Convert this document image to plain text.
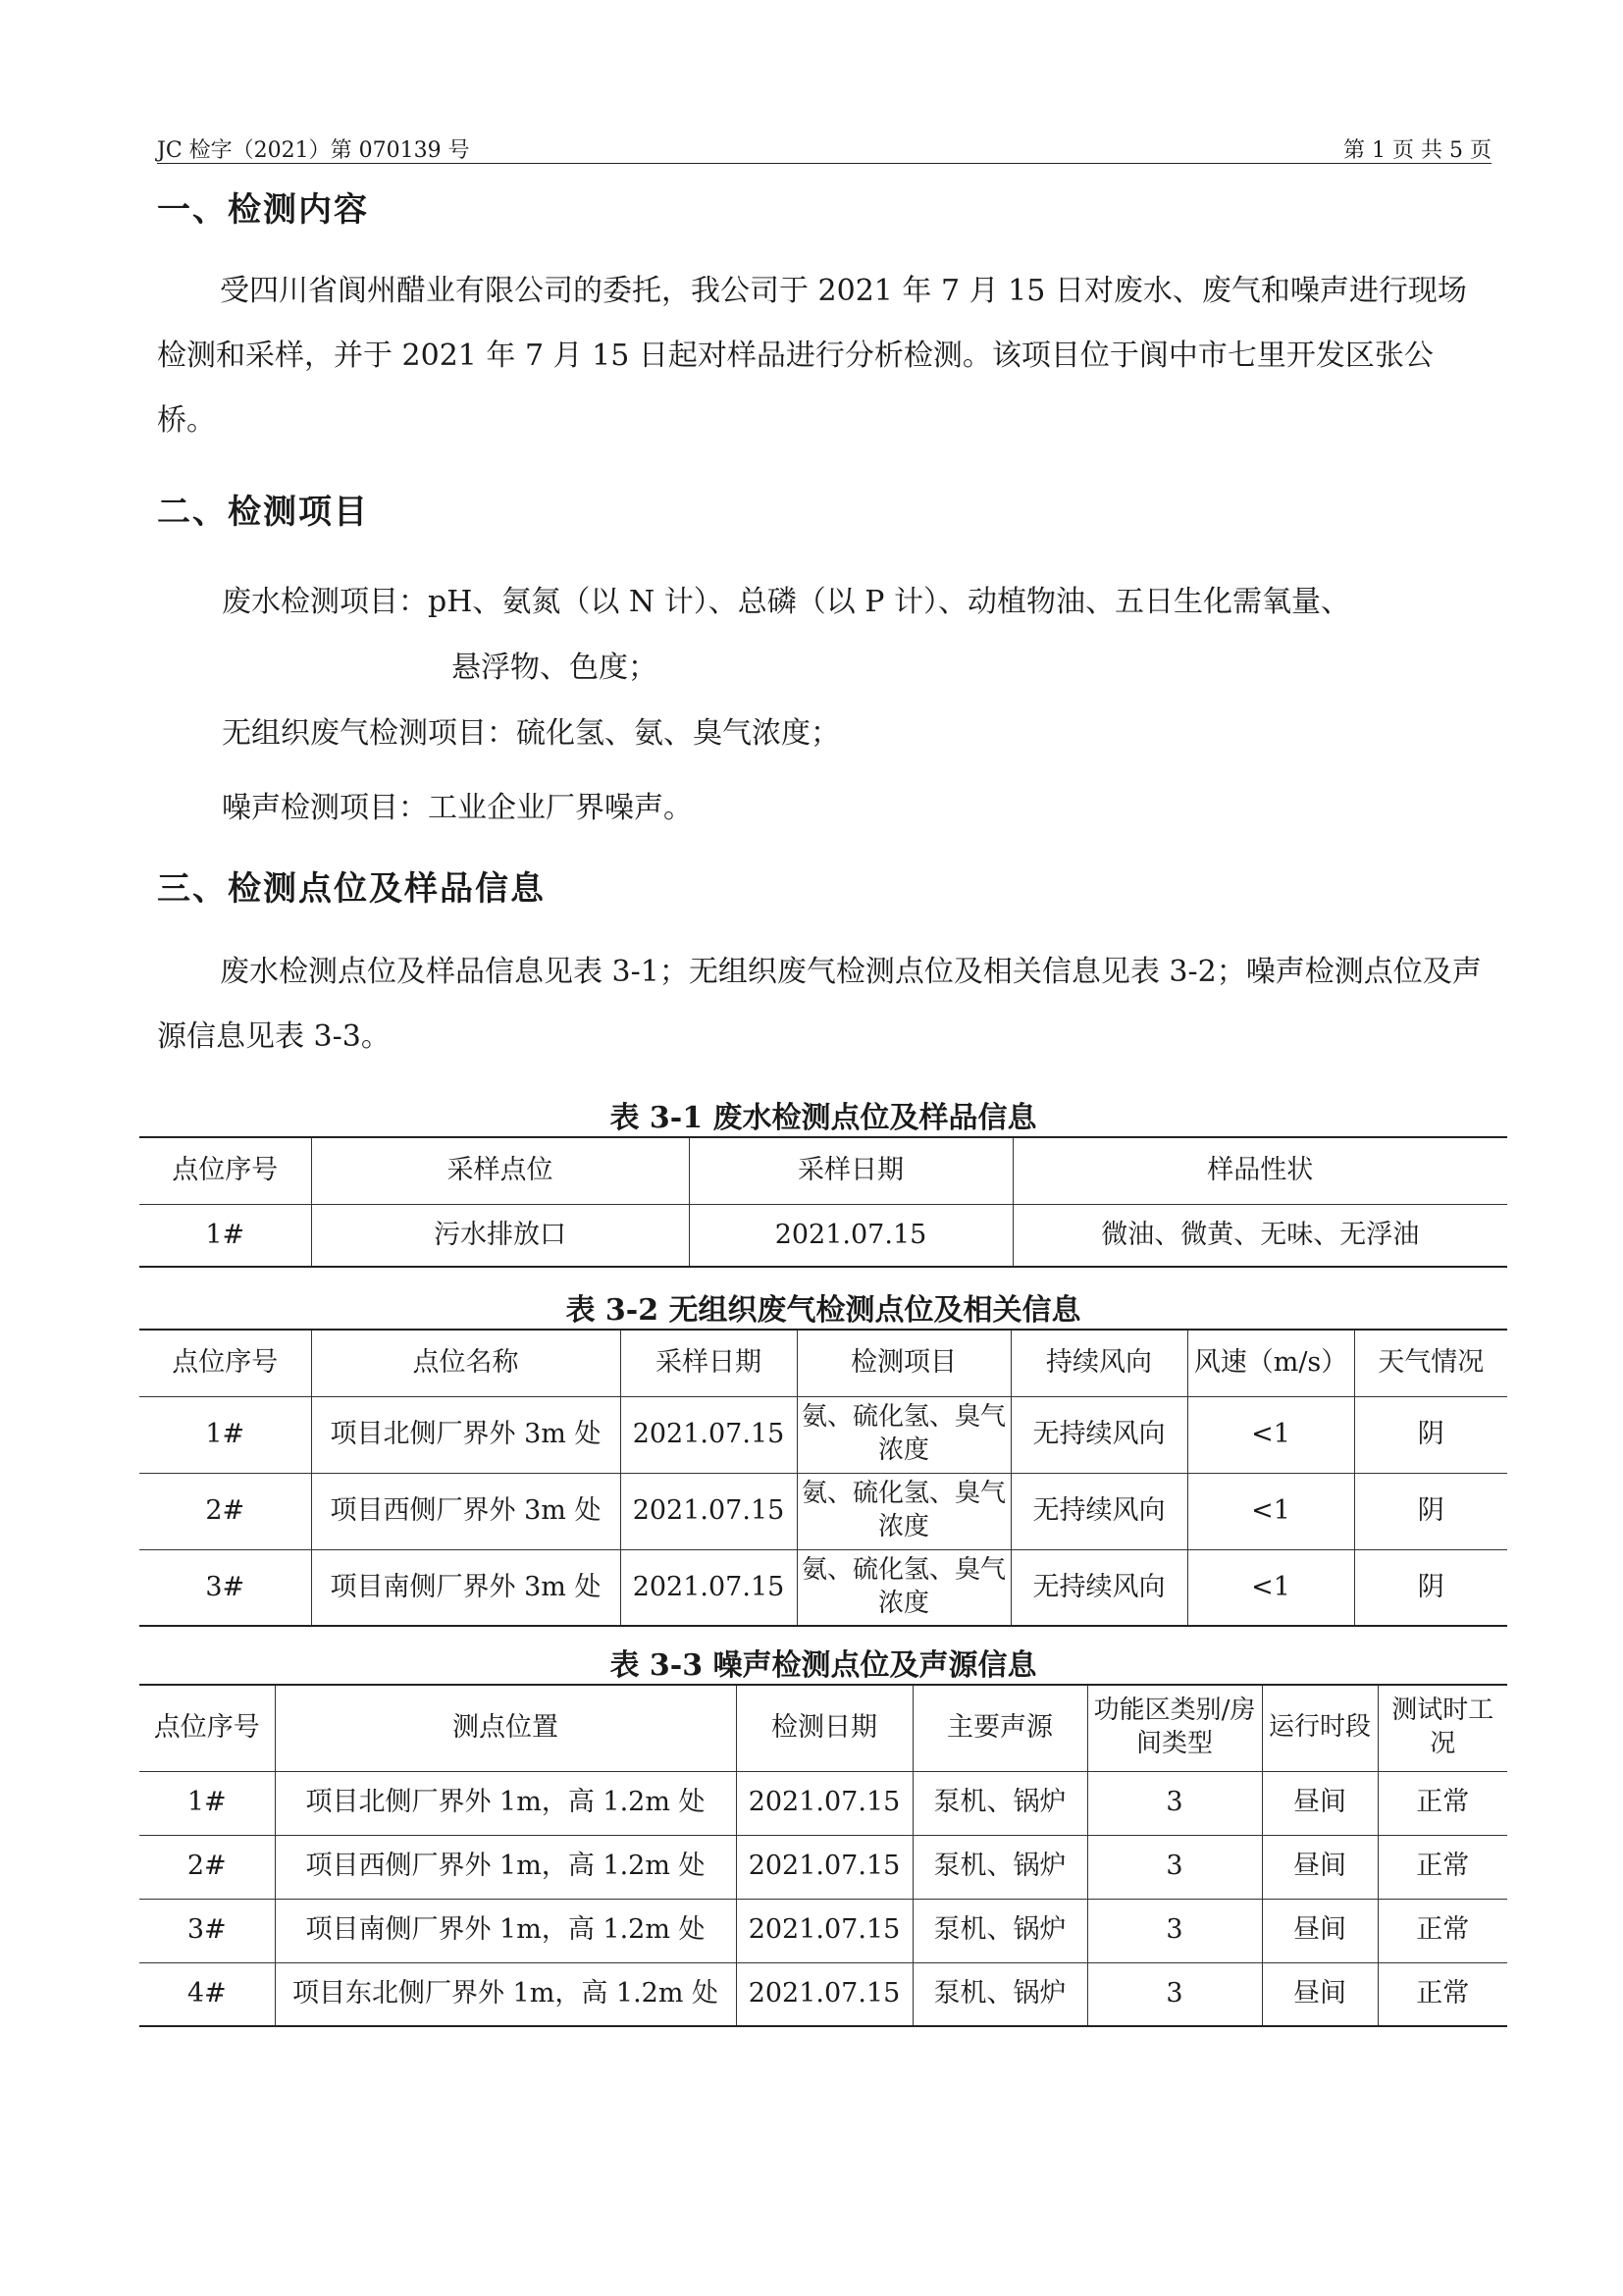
JC 检字（2021）第 070139 号	第 1 页 共 5 页
一、检测内容

受四川省阆州醋业有限公司的委托，我公司于 2021 年 7 月 15 日对废水、废气和噪声进行现场检测和采样，并于 2021 年 7 月 15 日起对样品进行分析检测。该项目位于阆中市七里开发区张公桥。

二、检测项目
废水检测项目：pH、氨氮（以 N 计）、总磷（以 P 计）、动植物油、五日生化需氧量、
悬浮物、色度；
无组织废气检测项目：硫化氢、氨、臭气浓度；
噪声检测项目：工业企业厂界噪声。
三、检测点位及样品信息

废水检测点位及样品信息见表 3-1；无组织废气检测点位及相关信息见表 3-2；噪声检测点位及声源信息见表 3-3。

表 3-1 废水检测点位及样品信息
点位序号	采样点位	采样日期	样品性状
1#	污水排放口	2021.07.15	微油、微黄、无味、无浮油
表 3-2 无组织废气检测点位及相关信息
点位序号	点位名称	采样日期	检测项目	持续风向	风速（m/s）	天气情况
1#	项目北侧厂界外 3m 处	2021.07.15	氨、硫化氢、臭气浓度	无持续风向	<1	阴
2#	项目西侧厂界外 3m 处	2021.07.15	氨、硫化氢、臭气浓度	无持续风向	<1	阴
3#	项目南侧厂界外 3m 处	2021.07.15	氨、硫化氢、臭气浓度	无持续风向	<1	阴
表 3-3 噪声检测点位及声源信息
点位序号	测点位置	检测日期	主要声源	功能区类别/房间类型	运行时段	测试时工况
1#	项目北侧厂界外 1m，高 1.2m 处	2021.07.15	泵机、锅炉	3	昼间	正常
2#	项目西侧厂界外 1m，高 1.2m 处	2021.07.15	泵机、锅炉	3	昼间	正常
3#	项目南侧厂界外 1m，高 1.2m 处	2021.07.15	泵机、锅炉	3	昼间	正常
4#	项目东北侧厂界外 1m，高 1.2m 处	2021.07.15	泵机、锅炉	3	昼间	正常
